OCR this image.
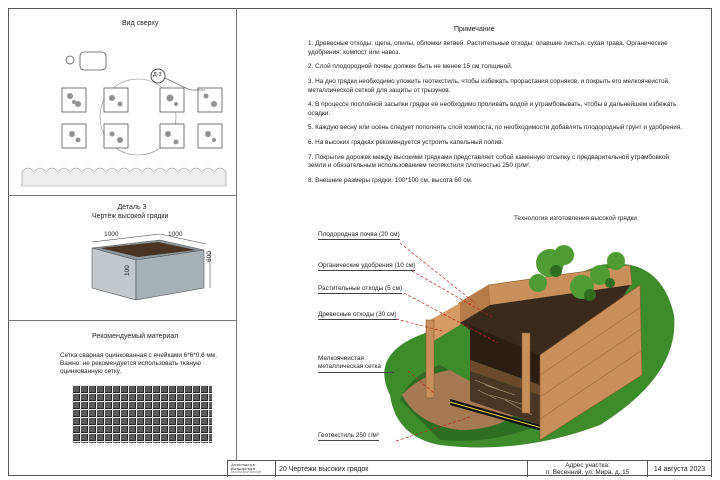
Вид сверху
Д-3
Деталь 3
Чертёж высокой грядки
1000	1000
600
100
Рекомендуемый материал
Сетка сварная оцинкованная с ячейками 6*6*0,6 мм.
Важно: не рекомендуется использовать тканую оцинкованную сетку.
Примечание

1. Древесные отходы: щепа, опилы, обломки ветвей. Растительные отходы: опавшие листья, сухая трава. Органические удобрения: компост или навоз.

2. Слой плодородной почвы должен быть не менее 15 см толщиной.

3. На дно грядки необходимо уложить геотекстиль, чтобы избежать прорастания сорняков, и покрыть его мелкоячеистой металлической сеткой для защиты от грызунов.

4. В процессе послойной засыпки грядки её необходимо проливать водой и утрамбовывать, чтобы в дальнейшем избежать осадки.

5. Каждую весну или осень следует пополнять слой компоста, по необходимости добавлять плодородный грунт и удобрения.

6. На высоких грядках рекомендуется устроить капельный полив.

7. Покрытие дорожек между высокими грядками представляет собой каменную отсыпку с предварительной утрамбовкой земли и обязательным использованием геотекстиля плотностью 250 гр/м².

8. Внешние размеры грядки: 100*100 см, высота 60 см.

Технология изготовления высокой грядки
Плодородная почва (20 см)
Органические удобрения (10 см)
Растительные отходы (5 см)
Древесные отходы (30 см)
Мелкоячеистая металлическая сетка
Геотекстиль 250 г/м²
Анастасия
Каширская
landscape design	20 Чертежи высоких грядок
Адрес участка:
п. Весенний, ул. Мира, д. 15	14 августа 2023
